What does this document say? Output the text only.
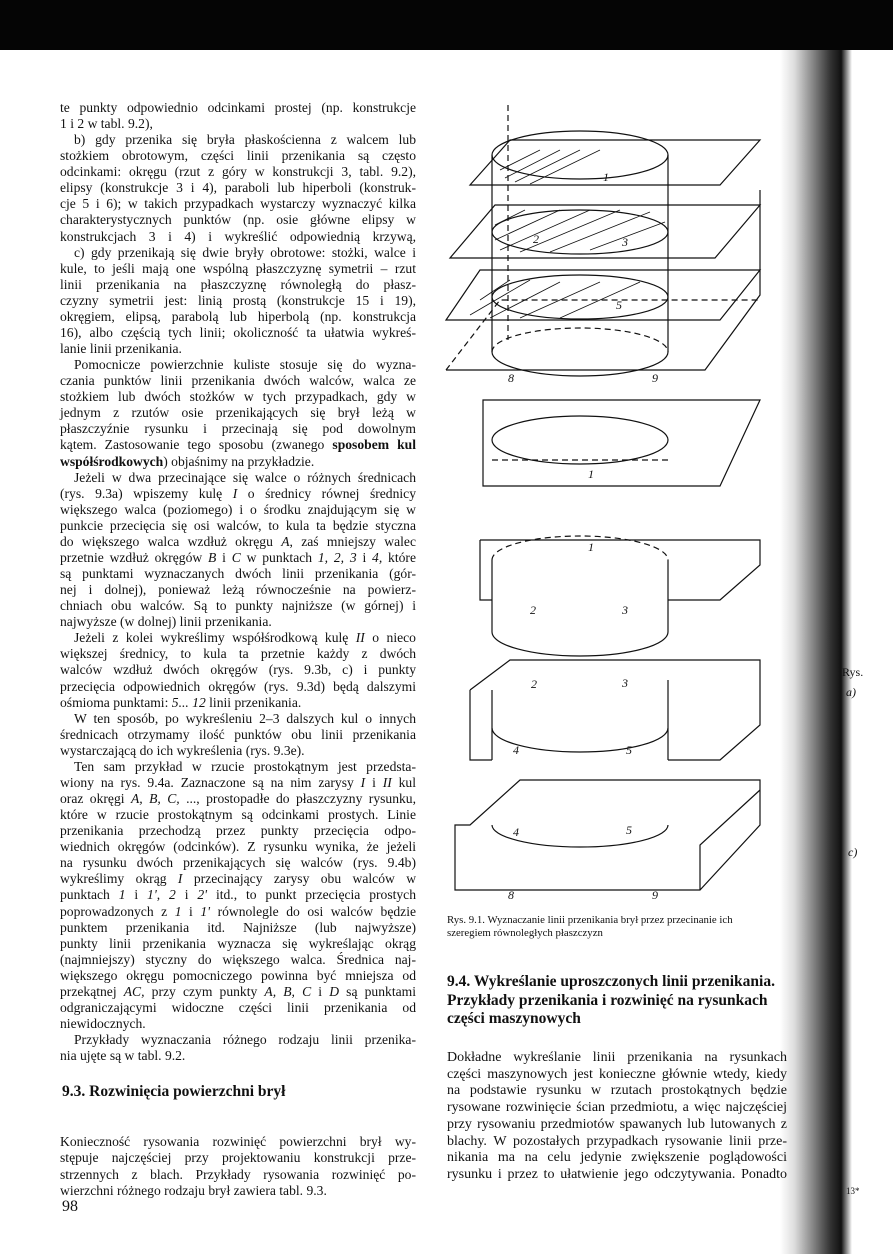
te punkty odpowiednio odcinkami prostej (np. konstrukcje
1 i 2 w tabl. 9.2),
b) gdy przenika się bryła płaskościenna z walcem lub
stożkiem obrotowym, części linii przenikania są często
odcinkami: okręgu (rzut z góry w konstrukcji 3, tabl. 9.2),
elipsy (konstrukcje 3 i 4), paraboli lub hiperboli (konstruk-
cje 5 i 6); w takich przypadkach wystarczy wyznaczyć kilka
charakterystycznych punktów (np. osie główne elipsy w
konstrukcjach 3 i 4) i wykreślić odpowiednią krzywą,
c) gdy przenikają się dwie bryły obrotowe: stożki, walce i
kule, to jeśli mają one wspólną płaszczyznę symetrii – rzut
linii przenikania na płaszczyznę równoległą do płasz-
czyzny symetrii jest: linią prostą (konstrukcje 15 i 19),
okręgiem, elipsą, parabolą lub hiperbolą (np. konstrukcja
16), albo częścią tych linii; okoliczność ta ułatwia wykreś-
lanie linii przenikania.
Pomocnicze powierzchnie kuliste stosuje się do wyzna-
czania punktów linii przenikania dwóch walców, walca ze
stożkiem lub dwóch stożków w tych przypadkach, gdy w
jednym z rzutów osie przenikających się brył leżą w
płaszczyźnie rysunku i przecinają się pod dowolnym
kątem. Zastosowanie tego sposobu (zwanego sposobem kul
współśrodkowych) objaśnimy na przykładzie.
Jeżeli w dwa przecinające się walce o różnych średnicach
(rys. 9.3a) wpiszemy kulę I o średnicy równej średnicy
większego walca (poziomego) i o środku znajdującym się w
punkcie przecięcia się osi walców, to kula ta będzie styczna
do większego walca wzdłuż okręgu A, zaś mniejszy walec
przetnie wzdłuż okręgów B i C w punktach 1, 2, 3 i 4, które
są punktami wyznaczanych dwóch linii przenikania (gór-
nej i dolnej), ponieważ leżą równocześnie na powierz-
chniach obu walców. Są to punkty najniższe (w górnej) i
najwyższe (w dolnej) linii przenikania.
Jeżeli z kolei wykreślimy współśrodkową kulę II o nieco
większej średnicy, to kula ta przetnie każdy z dwóch
walców wzdłuż dwóch okręgów (rys. 9.3b, c) i punkty
przecięcia odpowiednich okręgów (rys. 9.3d) będą dalszymi
ośmioma punktami: 5... 12 linii przenikania.
W ten sposób, po wykreśleniu 2–3 dalszych kul o innych
średnicach otrzymamy ilość punktów obu linii przenikania
wystarczającą do ich wykreślenia (rys. 9.3e).
Ten sam przykład w rzucie prostokątnym jest przedsta-
wiony na rys. 9.4a. Zaznaczone są na nim zarysy I i II kul
oraz okręgi A, B, C, ..., prostopadłe do płaszczyzny rysunku,
które w rzucie prostokątnym są odcinkami prostych. Linie
przenikania przechodzą przez punkty przecięcia odpo-
wiednich okręgów (odcinków). Z rysunku wynika, że jeżeli
na rysunku dwóch przenikających się walców (rys. 9.4b)
wykreślimy okrąg I przecinający zarysy obu walców w
punktach 1 i 1', 2 i 2' itd., to punkt przecięcia prostych
poprowadzonych z 1 i 1' równolegle do osi walców będzie
punktem przenikania itd. Najniższe (lub najwyższe)
punkty linii przenikania wyznacza się wykreślając okrąg
(najmniejszy) styczny do większego walca. Średnica naj-
większego okręgu pomocniczego powinna być mniejsza od
przekątnej AC, przy czym punkty A, B, C i D są punktami
odgraniczającymi widoczne części linii przenikania od
niewidocznych.
Przykłady wyznaczania różnego rodzaju linii przenika-
nia ujęte są w tabl. 9.2.
9.3. Rozwinięcia powierzchni brył
Konieczność rysowania rozwinięć powierzchni brył wy-
stępuje najczęściej przy projektowaniu konstrukcji prze-
strzennych z blach. Przykłady rysowania rozwinięć po-
wierzchni różnego rodzaju brył zawiera tabl. 9.3.
98
1
2	3
5
8	9
1
1
2	3
2	3
4	5
4	5
8	9
Rys. 9.1. Wyznaczanie linii przenikania brył przez przecinanie ich
szeregiem równoległych płaszczyzn
9.4. Wykreślanie uproszczonych linii przenikania.
Przykłady przenikania i rozwinięć na rysunkach
części maszynowych
Dokładne wykreślanie linii przenikania na rysunkach
części maszynowych jest konieczne głównie wtedy, kiedy
na podstawie rysunku w rzutach prostokątnych będzie
rysowane rozwinięcie ścian przedmiotu, a więc najczęściej
przy rysowaniu przedmiotów spawanych lub lutowanych z
blachy. W pozostałych przypadkach rysowanie linii prze-
nikania ma na celu jedynie zwiększenie poglądowości
rysunku i przez to ułatwienie jego odczytywania. Ponadto
Rys.
a)
c)
13*
